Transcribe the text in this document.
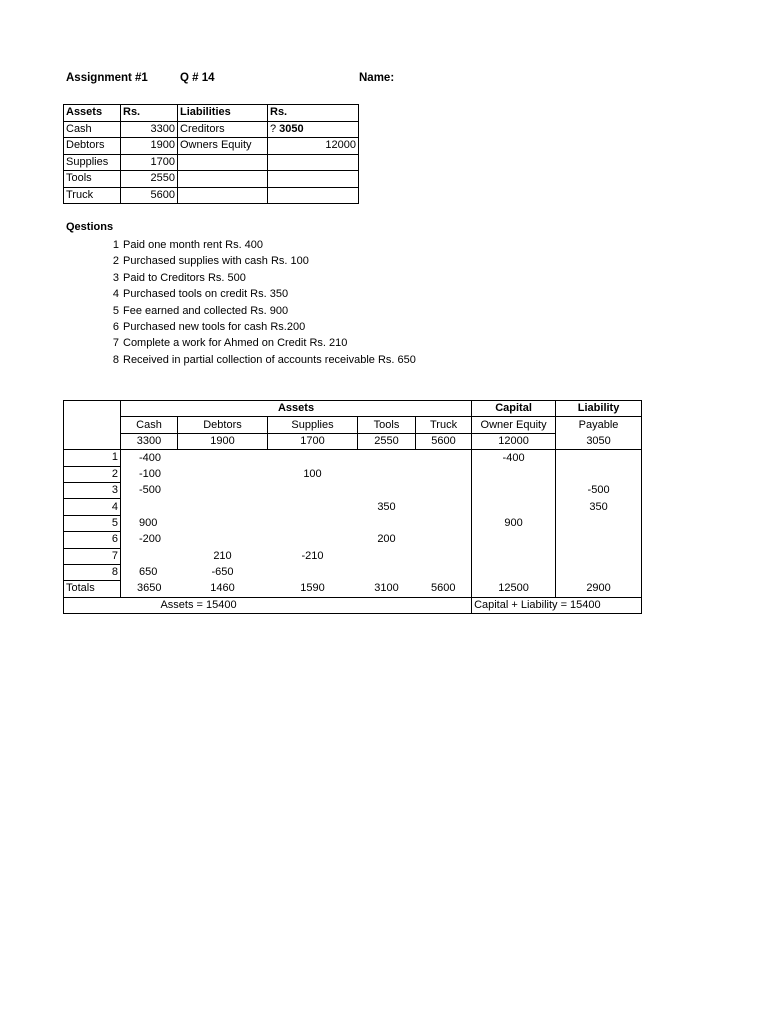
Assignment #1	Q # 14	Name:
Assets	Rs.	Liabilities	Rs.
Cash	3300	Creditors	? 3050
Debtors	1900	Owners Equity	12000
Supplies	1700		
Tools	2550		
Truck	5600		
Qestions
1 Paid one month rent Rs. 400
2 Purchased supplies with cash Rs. 100
3 Paid to Creditors Rs. 500
4 Purchased tools on credit Rs. 350
5 Fee earned and collected Rs. 900
6 Purchased new tools for cash Rs.200
7 Complete a work for Ahmed on Credit Rs. 210
8 Received in partial collection of accounts receivable Rs. 650
	Assets					Capital	Liability
	Cash	Debtors	Supplies	Tools	Truck	Owner Equity	Payable
	3300	1900	1700	2550	5600	12000	3050
1	-400					-400	
2	-100		100				
3	-500						-500
4				350			350
5	900					900	
6	-200			200			
7		210	-210				
8	650	-650					
Totals	3650	1460	1590	3100	5600	12500	2900
Assets = 15400						Capital + Liability = 15400	
